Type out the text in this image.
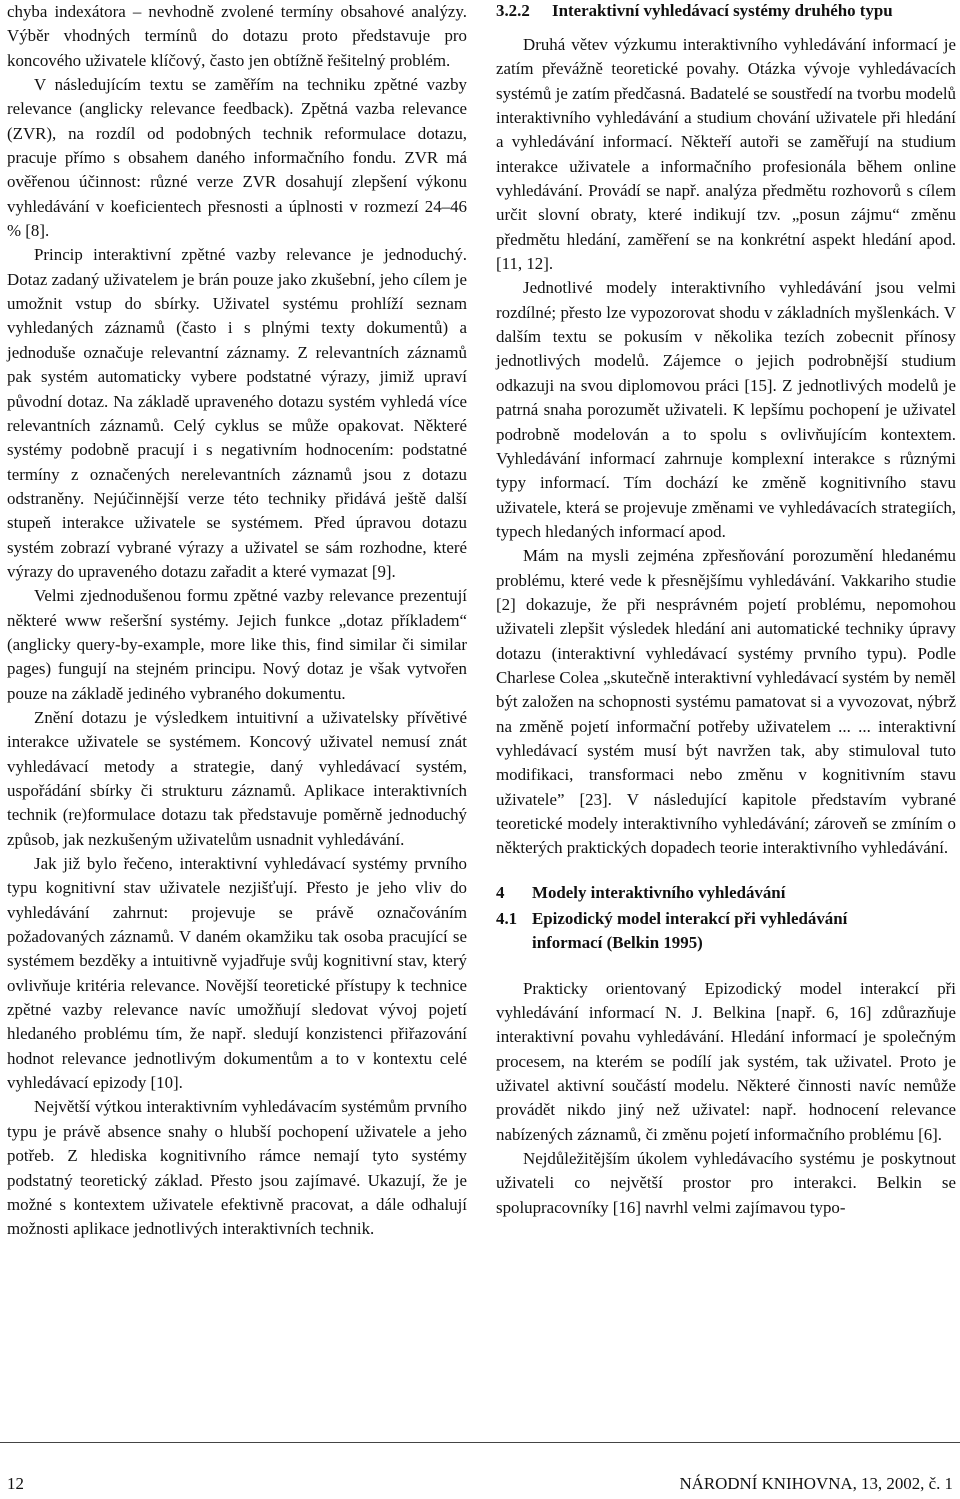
chyba indexátora – nevhodně zvolené termíny obsahové analýzy. Výběr vhodných termínů do dotazu proto představuje pro koncového uživatele klíčový, často jen obtížně řešitelný problém.

V následujícím textu se zaměřím na techniku zpětné vazby relevance (anglicky relevance feedback). Zpětná vazba relevance (ZVR), na rozdíl od podobných technik reformulace dotazu, pracuje přímo s obsahem daného informačního fondu. ZVR má ověřenou účinnost: různé verze ZVR dosahují zlepšení výkonu vyhledávání v koeficientech přesnosti a úplnosti v rozmezí 24–46 % [8].

Princip interaktivní zpětné vazby relevance je jednoduchý. Dotaz zadaný uživatelem je brán pouze jako zkušební, jeho cílem je umožnit vstup do sbírky. Uživatel systému prohlíží seznam vyhledaných záznamů (často i s plnými texty dokumentů) a jednoduše označuje relevantní záznamy. Z relevantních záznamů pak systém automaticky vybere podstatné výrazy, jimiž upraví původní dotaz. Na základě upraveného dotazu systém vyhledá více relevantních záznamů. Celý cyklus se může opakovat. Některé systémy podobně pracují i s negativním hodnocením: podstatné termíny z označených nerelevantních záznamů jsou z dotazu odstraněny. Nejúčinnější verze této techniky přidává ještě další stupeň interakce uživatele se systémem. Před úpravou dotazu systém zobrazí vybrané výrazy a uživatel se sám rozhodne, které výrazy do upraveného dotazu zařadit a které vymazat [9].

Velmi zjednodušenou formu zpětné vazby relevance prezentují některé www rešeršní systémy. Jejich funkce „dotaz příkladem“ (anglicky query-by-example, more like this, find similar či similar pages) fungují na stejném principu. Nový dotaz je však vytvořen pouze na základě jediného vybraného dokumentu.

Znění dotazu je výsledkem intuitivní a uživatelsky přívětivé interakce uživatele se systémem. Koncový uživatel nemusí znát vyhledávací metody a strategie, daný vyhledávací systém, uspořádání sbírky či strukturu záznamů. Aplikace interaktivních technik (re)formulace dotazu tak představuje poměrně jednoduchý způsob, jak nezkušeným uživatelům usnadnit vyhledávání.

Jak již bylo řečeno, interaktivní vyhledávací systémy prvního typu kognitivní stav uživatele nezjišťují. Přesto je jeho vliv do vyhledávání zahrnut: projevuje se právě označováním požadovaných záznamů. V daném okamžiku tak osoba pracující se systémem bezděky a intuitivně vyjadřuje svůj kognitivní stav, který ovlivňuje kritéria relevance. Novější teoretické přístupy k technice zpětné vazby relevance navíc umožňují sledovat vývoj pojetí hledaného problému tím, že např. sledují konzistenci přiřazování hodnot relevance jednotlivým dokumentům a to v kontextu celé vyhledávací epizody [10].

Největší výtkou interaktivním vyhledávacím systémům prvního typu je právě absence snahy o hlubší pochopení uživatele a jeho potřeb. Z hlediska kognitivního rámce nemají tyto systémy podstatný teoretický základ. Přesto jsou zajímavé. Ukazují, že je možné s kontextem uživatele efektivně pracovat, a dále odhalují možnosti aplikace jednotlivých interaktivních technik.

3.2.2 Interaktivní vyhledávací systémy druhého typu

Druhá větev výzkumu interaktivního vyhledávání informací je zatím převážně teoretické povahy. Otázka vývoje vyhledávacích systémů je zatím předčasná. Badatelé se soustředí na tvorbu modelů interaktivního vyhledávání a studium chování uživatele při hledání a vyhledávání informací. Někteří autoři se zaměřují na studium interakce uživatele a informačního profesionála během online vyhledávání. Provádí se např. analýza předmětu rozhovorů s cílem určit slovní obraty, které indikují tzv. „posun zájmu“ změnu předmětu hledání, zaměření se na konkrétní aspekt hledání apod. [11, 12].

Jednotlivé modely interaktivního vyhledávání jsou velmi rozdílné; přesto lze vypozorovat shodu v základních myšlenkách. V dalším textu se pokusím v několika tezích zobecnit přínosy jednotlivých modelů. Zájemce o jejich podrobnější studium odkazuji na svou diplomovou práci [15]. Z jednotlivých modelů je patrná snaha porozumět uživateli. K lepšímu pochopení je uživatel podrobně modelován a to spolu s ovlivňujícím kontextem. Vyhledávání informací zahrnuje komplexní interakce s různými typy informací. Tím dochází ke změně kognitivního stavu uživatele, která se projevuje změnami ve vyhledávacích strategiích, typech hledaných informací apod.

Mám na mysli zejména zpřesňování porozumění hledanému problému, které vede k přesnějšímu vyhledávání. Vakkariho studie [2] dokazuje, že při nesprávném pojetí problému, nepomohou uživateli zlepšit výsledek hledání ani automatické techniky úpravy dotazu (interaktivní vyhledávací systémy prvního typu). Podle Charlese Colea „skutečně interaktivní vyhledávací systém by neměl být založen na schopnosti systému pamatovat si a vyvozovat, nýbrž na změně pojetí informační potřeby uživatelem ... ... interaktivní vyhledávací systém musí být navržen tak, aby stimuloval tuto modifikaci, transformaci nebo změnu v kognitivním stavu uživatele” [23]. V následující kapitole představím vybrané teoretické modely interaktivního vyhledávání; zároveň se zmíním o některých praktických dopadech teorie interaktivního vyhledávání.

4 Modely interaktivního vyhledávání
4.1 Epizodický model interakcí při vyhledávání
informací (Belkin 1995)

Prakticky orientovaný Epizodický model interakcí při vyhledávání informací N. J. Belkina [např. 6, 16] zdůrazňuje interaktivní povahu vyhledávání. Hledání informací je společným procesem, na kterém se podílí jak systém, tak uživatel. Proto je uživatel aktivní součástí modelu. Některé činnosti navíc nemůže provádět nikdo jiný než uživatel: např. hodnocení relevance nabízených záznamů, či změnu pojetí informačního problému [6].

Nejdůležitějším úkolem vyhledávacího systému je poskytnout uživateli co největší prostor pro interakci. Belkin se spolupracovníky [16] navrhl velmi zajímavou typo-

12	NÁRODNÍ KNIHOVNA, 13, 2002, č. 1
